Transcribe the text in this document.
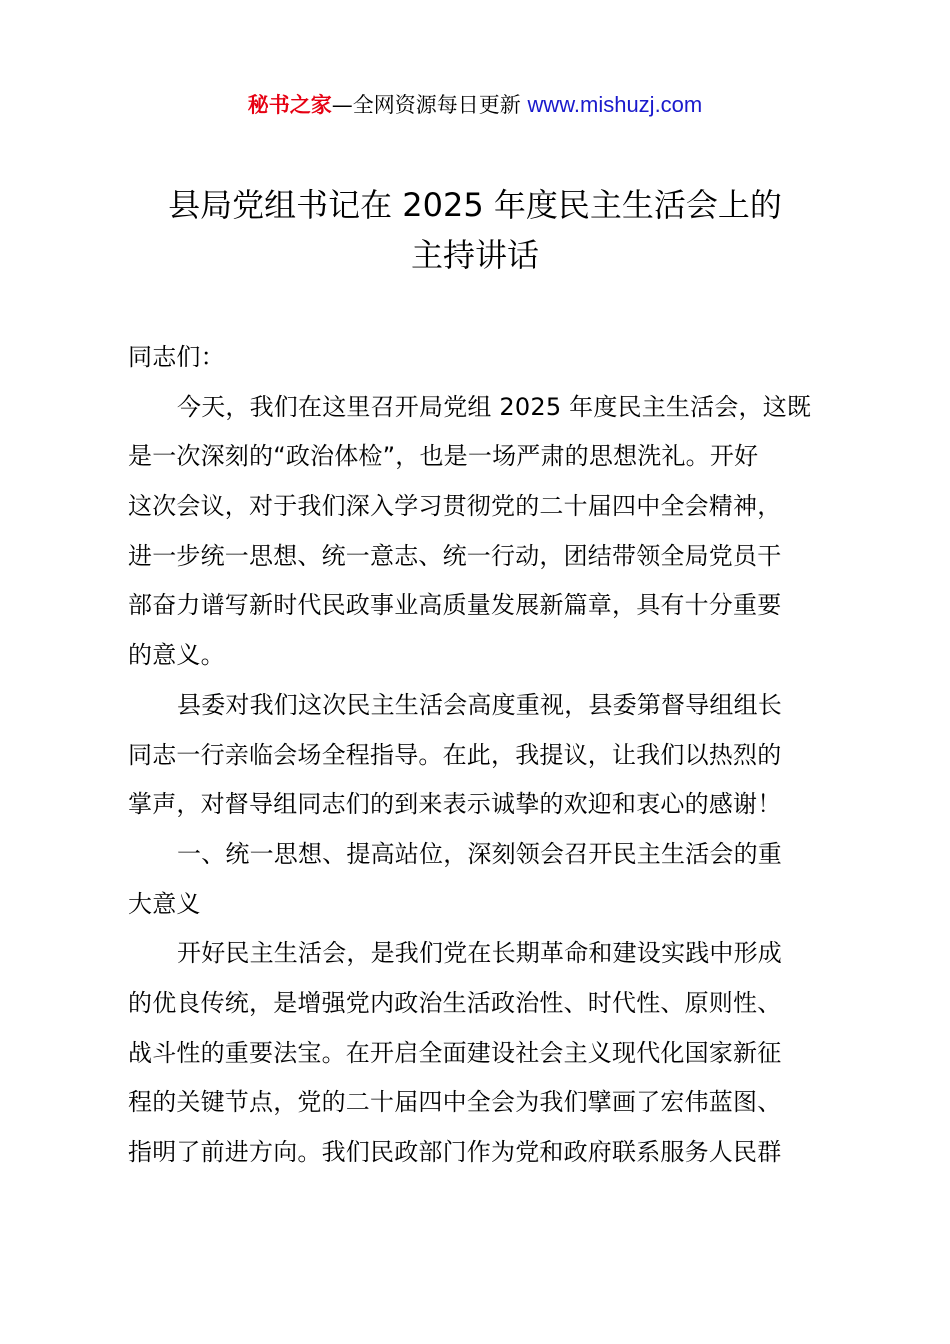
秘书之家—全网资源每日更新 www.mishuzj.com
县局党组书记在 2025 年度民主生活会上的
主持讲话
同志们：
今天，我们在这里召开局党组 2025 年度民主生活会，这既
是一次深刻的“政治体检”，也是一场严肃的思想洗礼。开好
这次会议，对于我们深入学习贯彻党的二十届四中全会精神，
进一步统一思想、统一意志、统一行动，团结带领全局党员干
部奋力谱写新时代民政事业高质量发展新篇章，具有十分重要
的意义。
县委对我们这次民主生活会高度重视，县委第督导组组长
同志一行亲临会场全程指导。在此，我提议，让我们以热烈的
掌声，对督导组同志们的到来表示诚挚的欢迎和衷心的感谢！
一、统一思想、提高站位，深刻领会召开民主生活会的重
大意义
开好民主生活会，是我们党在长期革命和建设实践中形成
的优良传统，是增强党内政治生活政治性、时代性、原则性、
战斗性的重要法宝。在开启全面建设社会主义现代化国家新征
程的关键节点，党的二十届四中全会为我们擘画了宏伟蓝图、
指明了前进方向。我们民政部门作为党和政府联系服务人民群
